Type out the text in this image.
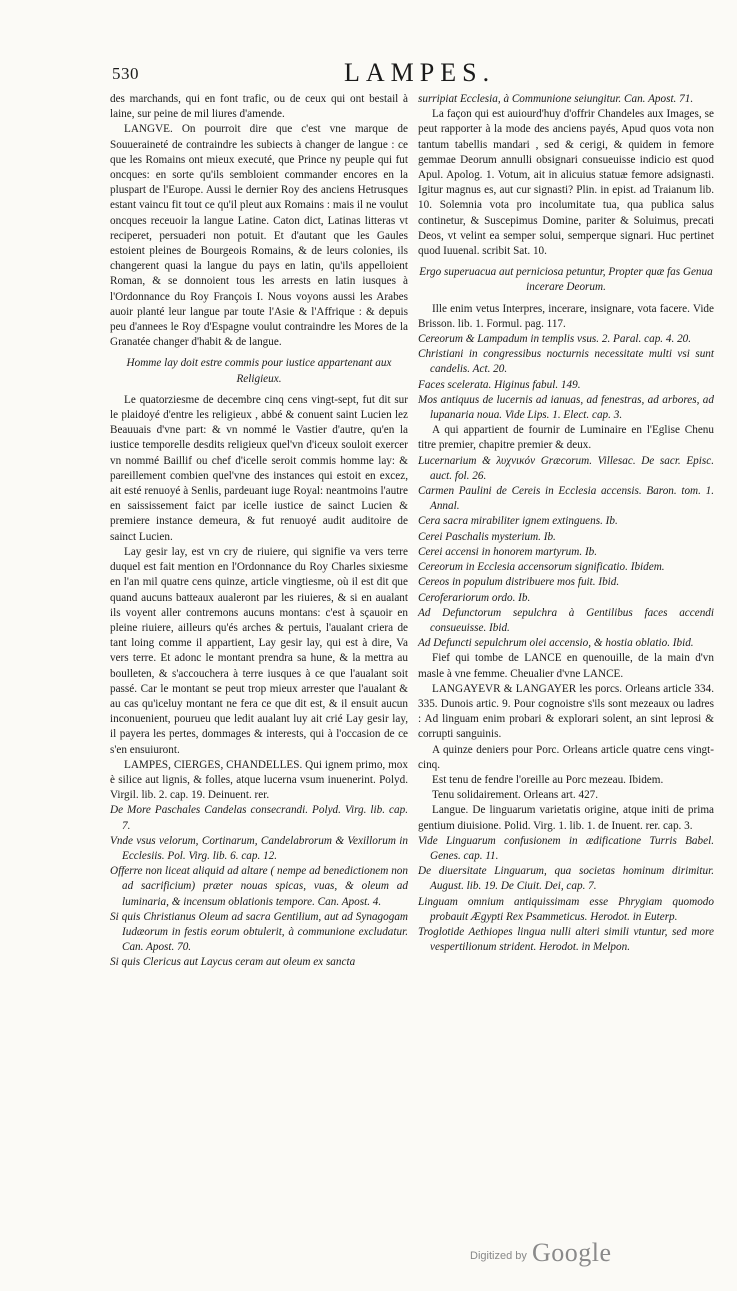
530	LAMPES.

des marchands, qui en font trafic, ou de ceux qui ont bestail à laine, sur peine de mil liures d'amende.

LANGVE. On pourroit dire que c'est vne marque de Souueraineté de contraindre les subiects à changer de langue : ce que les Romains ont mieux executé, que Prince ny peuple qui fut oncques: en sorte qu'ils sembloient commander encores en la pluspart de l'Europe. Aussi le dernier Roy des anciens Hetrusques estant vaincu fit tout ce qu'il pleut aux Romains : mais il ne voulut oncques receuoir la langue Latine. Caton dict, Latinas litteras vt reciperet, persuaderi non potuit. Et d'autant que les Gaules estoient pleines de Bourgeois Romains, & de leurs colonies, ils changerent quasi la langue du pays en latin, qu'ils appelloient Roman, & se donnoient tous les arrests en latin iusques à l'Ordonnance du Roy François I. Nous voyons aussi les Arabes auoir planté leur langue par toute l'Asie & l'Affrique : & depuis peu d'annees le Roy d'Espagne voulut contraindre les Mores de la Granatée changer d'habit & de langue.

Homme lay doit estre commis pour iustice appartenant aux Religieux.

Le quatorziesme de decembre cinq cens vingt-sept, fut dit sur le plaidoyé d'entre les religieux , abbé & conuent saint Lucien lez Beauuais d'vne part: & vn nommé le Vastier d'autre, qu'en la iustice temporelle desdits religieux quel'vn d'iceux souloit exercer vn nommé Baillif ou chef d'icelle seroit commis homme lay: & pareillement combien quel'vne des instances qui estoit en excez, ait esté renuoyé à Senlis, pardeuant iuge Royal: neantmoins l'autre en saississement faict par icelle iustice de sainct Lucien & premiere instance demeura, & fut renuoyé audit auditoire de sainct Lucien.

Lay gesir lay, est vn cry de riuiere, qui signifie va vers terre duquel est fait mention en l'Ordonnance du Roy Charles sixiesme en l'an mil quatre cens quinze, article vingtiesme, où il est dit que quand aucuns batteaux aualeront par les riuieres, & si en aualant ils voyent aller contremons aucuns montans: c'est à sçauoir en pleine riuiere, ailleurs qu'és arches & pertuis, l'aualant criera de tant loing comme il appartient, Lay gesir lay, qui est à dire, Va vers terre. Et adonc le montant prendra sa hune, & la mettra au boulleten, & s'accouchera à terre iusques à ce que l'aualant soit passé. Car le montant se peut trop mieux arrester que l'aualant & au cas qu'iceluy montant ne fera ce que dit est, & il ensuit aucun inconuenient, pourueu que ledit aualant luy ait crié Lay gesir lay, il payera les pertes, dommages & interests, qui à l'occasion de ce s'en ensuiuront.

LAMPES, CIERGES, CHANDELLES. Qui ignem primo, mox è silice aut lignis, & folles, atque lucerna vsum inuenerint. Polyd. Virgil. lib. 2. cap. 19. Deinuent. rer.

De More Paschales Candelas consecrandi. Polyd. Virg. lib. cap. 7.

Vnde vsus velorum, Cortinarum, Candelabrorum & Vexillorum in Ecclesiis. Pol. Virg. lib. 6. cap. 12.

Offerre non liceat aliquid ad altare ( nempe ad benedictionem non ad sacrificium) præter nouas spicas, vuas, & oleum ad luminaria, & incensum oblationis tempore. Can. Apost. 4.

Si quis Christianus Oleum ad sacra Gentilium, aut ad Synagogam Iudæorum in festis eorum obtulerit, à communione excludatur. Can. Apost. 70.

Si quis Clericus aut Laycus ceram aut oleum ex sancta

surripiat Ecclesia, à Communione seiungitur. Can. Apost. 71.

La façon qui est auiourd'huy d'offrir Chandeles aux Images, se peut rapporter à la mode des anciens payés, Apud quos vota non tantum tabellis mandari , sed & cerigi, & quidem in femore gemmae Deorum annulli obsignari consueuisse indicio est quod Apul. Apolog. 1. Votum, ait in alicuius statuæ femore adsignasti. Igitur magnus es, aut cur signasti? Plin. in epist. ad Traianum lib. 10. Solemnia vota pro incolumitate tua, qua publica salus continetur, & Suscepimus Domine, pariter & Soluimus, precati Deos, vt velint ea semper solui, semperque signari. Huc pertinet quod Iuuenal. scribit Sat. 10.

Ergo superuacua aut perniciosa petuntur, Propter quæ fas Genua incerare Deorum.

Ille enim vetus Interpres, incerare, insignare, vota facere. Vide Brisson. lib. 1. Formul. pag. 117.

Cereorum & Lampadum in templis vsus. 2. Paral. cap. 4. 20.

Christiani in congressibus nocturnis necessitate multi vsi sunt candelis. Act. 20.

Faces scelerata. Higinus fabul. 149.

Mos antiquus de lucernis ad ianuas, ad fenestras, ad arbores, ad lupanaria noua. Vide Lips. 1. Elect. cap. 3.

A qui appartient de fournir de Luminaire en l'Eglise Chenu titre premier, chapitre premier & deux.

Lucernarium & λυχνικόν Græcorum. Villesac. De sacr. Episc. auct. fol. 26.

Carmen Paulini de Cereis in Ecclesia accensis. Baron. tom. 1. Annal.

Cera sacra mirabiliter ignem extinguens. Ib.

Cerei Paschalis mysterium. Ib.

Cerei accensi in honorem martyrum. Ib.

Cereorum in Ecclesia accensorum significatio. Ibidem.

Cereos in populum distribuere mos fuit. Ibid.

Ceroferariorum ordo. Ib.

Ad Defunctorum sepulchra à Gentilibus faces accendi consueuisse. Ibid.

Ad Defuncti sepulchrum olei accensio, & hostia oblatio. Ibid.

Fief qui tombe de LANCE en quenouille, de la main d'vn masle à vne femme. Cheualier d'vne LANCE.

LANGAYEVR & LANGAYER les porcs. Orleans article 334. 335. Dunois artic. 9. Pour cognoistre s'ils sont mezeaux ou ladres : Ad linguam enim probari & explorari solent, an sint leprosi & corrupti sanguinis.

A quinze deniers pour Porc. Orleans article quatre cens vingt-cinq.

Est tenu de fendre l'oreille au Porc mezeau. Ibidem.

Tenu solidairement. Orleans art. 427.

Langue. De linguarum varietatis origine, atque initi de prima gentium diuisione. Polid. Virg. 1. lib. 1. de Inuent. rer. cap. 3.

Vide Linguarum confusionem in ædificatione Turris Babel. Genes. cap. 11.

De diuersitate Linguarum, qua societas hominum dirimitur. August. lib. 19. De Ciuit. Dei, cap. 7.

Linguam omnium antiquissimam esse Phrygiam quomodo probauit Ægypti Rex Psammeticus. Herodot. in Euterp.

Troglotide Aethiopes lingua nulli alteri simili vtuntur, sed more vespertilionum strident. Herodot. in Melpon.

Digitized by Google
